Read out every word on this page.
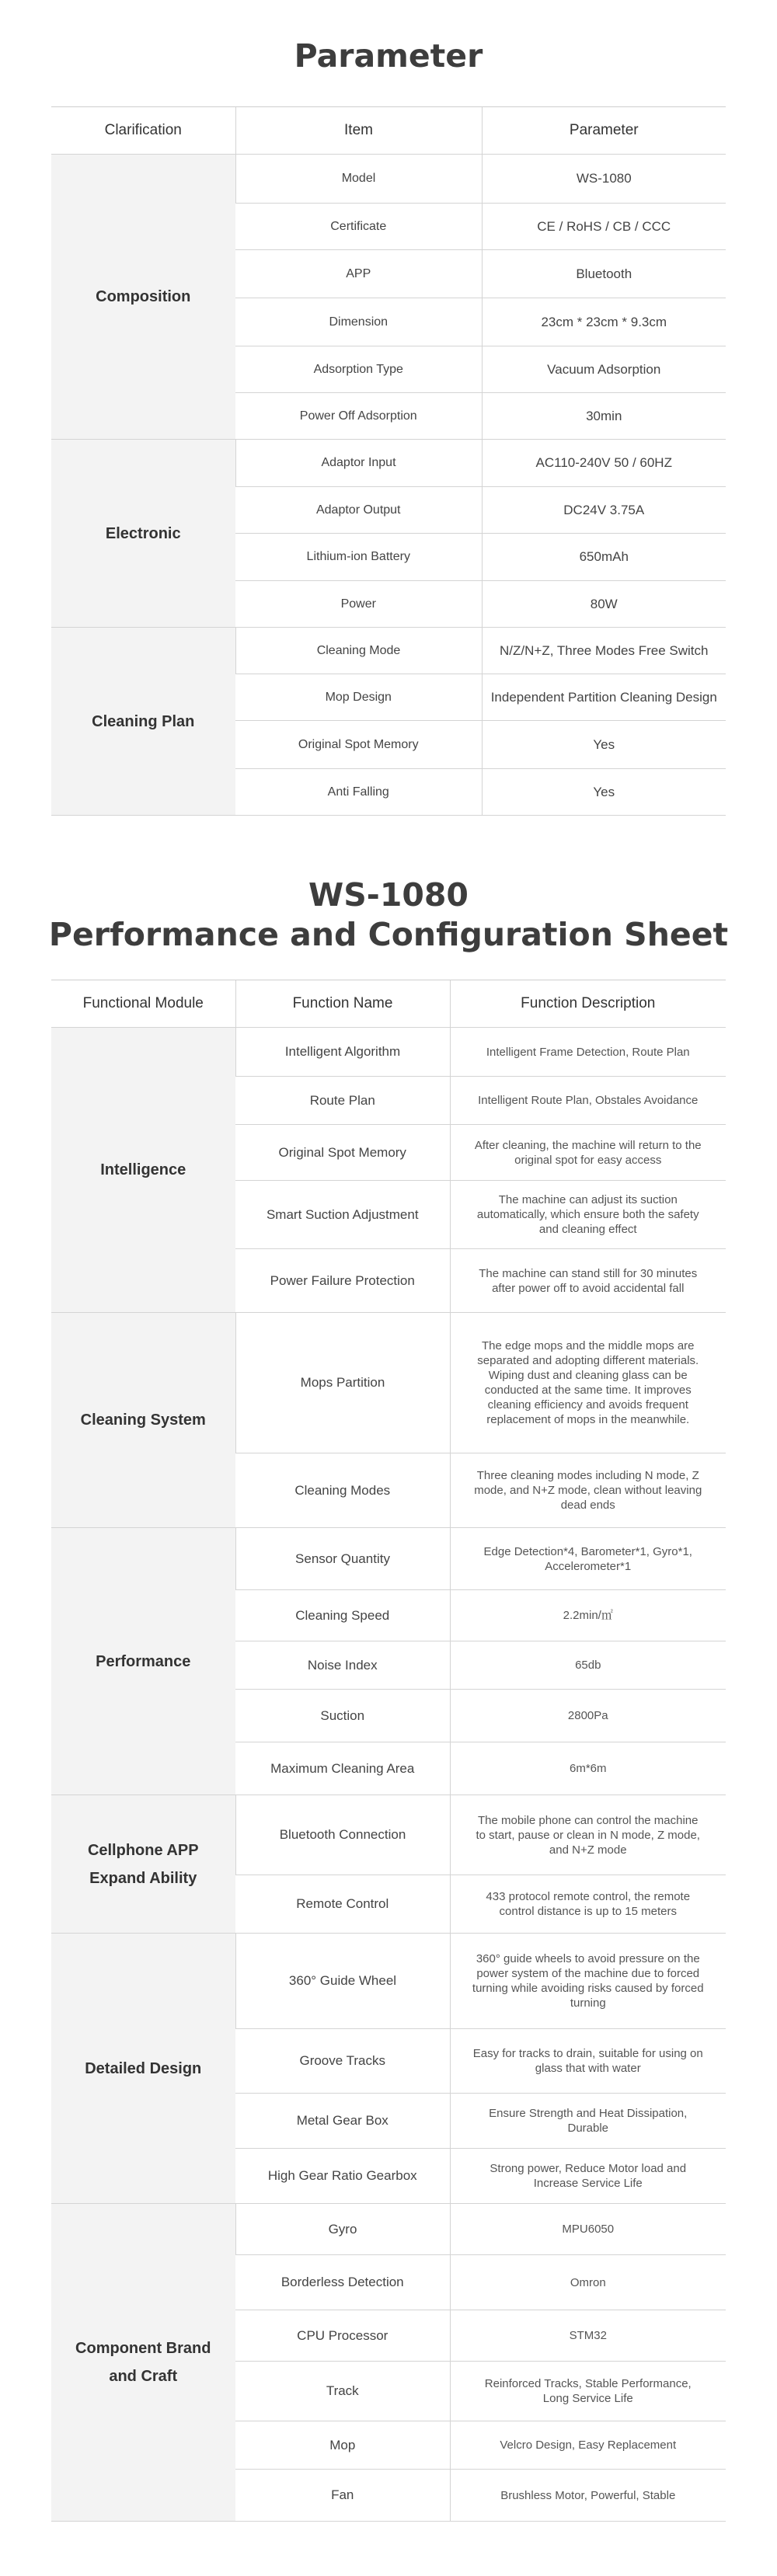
Parameter
Clarification	Item	Parameter
Composition	Model	WS-1080
	Certificate	CE / RoHS / CB / CCC
	APP	Bluetooth
	Dimension	23cm * 23cm * 9.3cm
	Adsorption Type	Vacuum Adsorption
	Power Off Adsorption	30min
Electronic	Adaptor Input	AC110-240V 50 / 60HZ
	Adaptor Output	DC24V 3.75A
	Lithium-ion Battery	650mAh
	Power	80W
Cleaning Plan	Cleaning Mode	N/Z/N+Z, Three Modes Free Switch
	Mop Design	Independent Partition Cleaning Design
	Original Spot Memory	Yes
	Anti Falling	Yes
WS-1080
Performance and Configuration Sheet
Functional Module	Function Name	Function Description
Intelligence	Intelligent Algorithm	Intelligent Frame Detection, Route Plan
	Route Plan	Intelligent Route Plan, Obstales Avoidance
	Original Spot Memory	After cleaning, the machine will return to the original spot for easy access
	Smart Suction Adjustment	The machine can adjust its suction automatically, which ensure both the safety and cleaning effect
	Power Failure Protection	The machine can stand still for 30 minutes after power off to avoid accidental fall
Cleaning System	Mops Partition	The edge mops and the middle mops are separated and adopting different materials. Wiping dust and cleaning glass can be conducted at the same time. It improves cleaning efficiency and avoids frequent replacement of mops in the meanwhile.
	Cleaning Modes	Three cleaning modes including N mode, Z mode, and N+Z mode, clean without leaving dead ends
Performance	Sensor Quantity	Edge Detection*4, Barometer*1, Gyro*1, Accelerometer*1
	Cleaning Speed	2.2min/㎡
	Noise Index	65db
	Suction	2800Pa
	Maximum Cleaning Area	6m*6m
Cellphone APP Expand Ability	Bluetooth Connection	The mobile phone can control the machine to start, pause or clean in N mode, Z mode, and N+Z mode
	Remote Control	433 protocol remote control, the remote control distance is up to 15 meters
Detailed Design	360° Guide Wheel	360° guide wheels to avoid pressure on the power system of the machine due to forced turning while avoiding risks caused by forced turning
	Groove Tracks	Easy for tracks to drain, suitable for using on glass that with water
	Metal Gear Box	Ensure Strength and Heat Dissipation, Durable
	High Gear Ratio Gearbox	Strong power, Reduce Motor load and Increase Service Life
Component Brand and Craft	Gyro	MPU6050
	Borderless Detection	Omron
	CPU Processor	STM32
	Track	Reinforced Tracks, Stable Performance, Long Service Life
	Mop	Velcro Design, Easy Replacement
	Fan	Brushless Motor, Powerful, Stable
